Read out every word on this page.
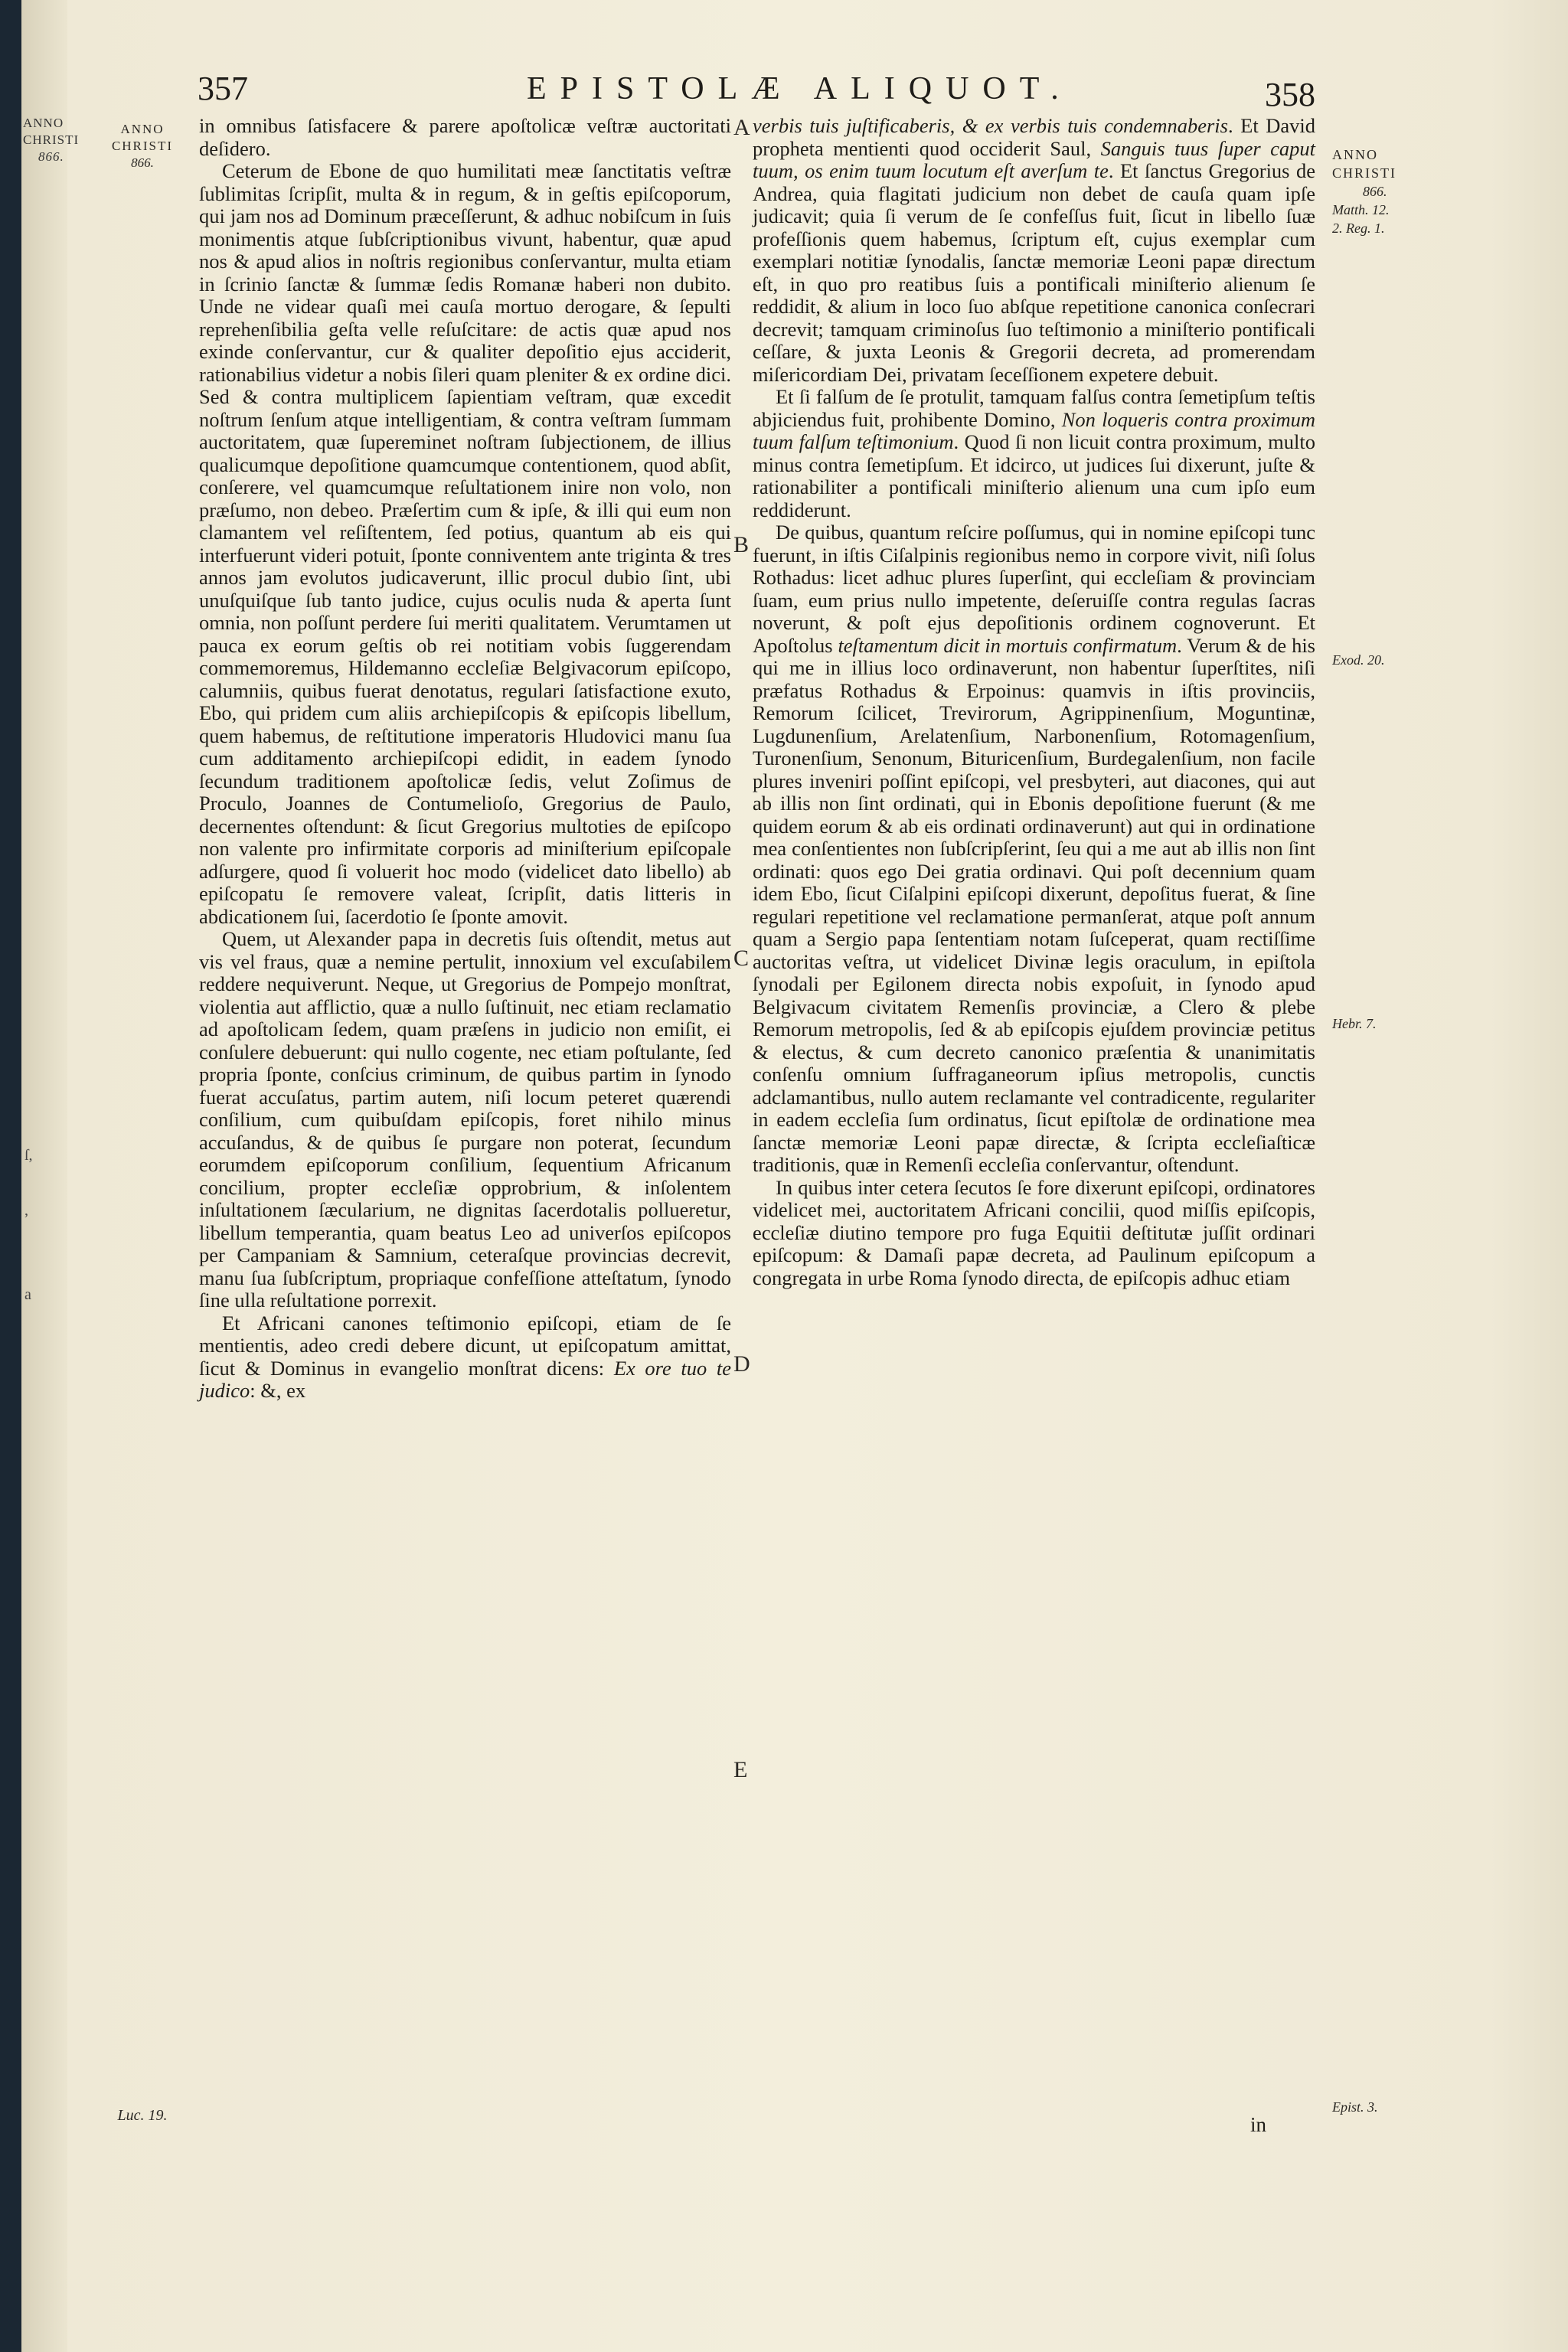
ANNO
CHRISTI
866.
ſ,
,
a
357	EPISTOLÆ ALIQUOT.	358
ANNO
CHRISTI
866.
Luc. 19.
ANNO
CHRISTI
866.
Matth. 12.
2. Reg. 1.
Exod. 20.
Hebr. 7.
Epist. 3.
A
B
C
D
E

in omnibus ſatisfacere & parere apoſtolicæ veſtræ auctoritati deſidero.

Ceterum de Ebone de quo humilitati meæ ſanctitatis veſtræ ſublimitas ſcripſit, multa & in regum, & in geſtis epiſcoporum, qui jam nos ad Dominum præceſſerunt, & adhuc nobiſcum in ſuis monimentis atque ſubſcriptionibus vivunt, habentur, quæ apud nos & apud alios in noſtris regionibus conſervantur, multa etiam in ſcrinio ſanctæ & ſummæ ſedis Romanæ haberi non dubito. Unde ne videar quaſi mei cauſa mortuo derogare, & ſepulti reprehenſibilia geſta velle reſuſcitare: de actis quæ apud nos exinde conſervantur, cur & qualiter depoſitio ejus acciderit, rationabilius videtur a nobis ſileri quam pleniter & ex ordine dici. Sed & contra multiplicem ſapientiam veſtram, quæ excedit noſtrum ſenſum atque intelligentiam, & contra veſtram ſummam auctoritatem, quæ ſupereminet noſtram ſubjectionem, de illius qualicumque depoſitione quamcumque contentionem, quod abſit, conſerere, vel quamcumque reſultationem inire non volo, non præſumo, non debeo. Præſertim cum & ipſe, & illi qui eum non clamantem vel reſiſtentem, ſed potius, quantum ab eis qui interfuerunt videri potuit, ſponte conniventem ante triginta & tres annos jam evolutos judicaverunt, illic procul dubio ſint, ubi unuſquiſque ſub tanto judice, cujus oculis nuda & aperta ſunt omnia, non poſſunt perdere ſui meriti qualitatem. Verumtamen ut pauca ex eorum geſtis ob rei notitiam vobis ſuggerendam commemoremus, Hildemanno eccleſiæ Belgivacorum epiſcopo, calumniis, quibus fuerat denotatus, regulari ſatisfactione exuto, Ebo, qui pridem cum aliis archiepiſcopis & epiſcopis libellum, quem habemus, de reſtitutione imperatoris Hludovici manu ſua cum additamento archiepiſcopi edidit, in eadem ſynodo ſecundum traditionem apoſtolicæ ſedis, velut Zoſimus de Proculo, Joannes de Contumelioſo, Gregorius de Paulo, decernentes oſtendunt: & ſicut Gregorius multoties de epiſcopo non valente pro infirmitate corporis ad miniſterium epiſcopale adſurgere, quod ſi voluerit hoc modo (videlicet dato libello) ab epiſcopatu ſe removere valeat, ſcripſit, datis litteris in abdicationem ſui, ſacerdotio ſe ſponte amovit.

Quem, ut Alexander papa in decretis ſuis oſtendit, metus aut vis vel fraus, quæ a nemine pertulit, innoxium vel excuſabilem reddere nequiverunt. Neque, ut Gregorius de Pompejo monſtrat, violentia aut afflictio, quæ a nullo ſuſtinuit, nec etiam reclamatio ad apoſtolicam ſedem, quam præſens in judicio non emiſit, ei conſulere debuerunt: qui nullo cogente, nec etiam poſtulante, ſed propria ſponte, conſcius criminum, de quibus partim in ſynodo fuerat accuſatus, partim autem, niſi locum peteret quærendi conſilium, cum quibuſdam epiſcopis, foret nihilo minus accuſandus, & de quibus ſe purgare non poterat, ſecundum eorumdem epiſcoporum conſilium, ſequentium Africanum concilium, propter eccleſiæ opprobrium, & inſolentem inſultationem ſæcularium, ne dignitas ſacerdotalis pollueretur, libellum temperantia, quam beatus Leo ad univerſos epiſcopos per Campaniam & Samnium, ceteraſque provincias decrevit, manu ſua ſubſcriptum, propriaque confeſſione atteſtatum, ſynodo ſine ulla reſultatione porrexit.

Et Africani canones teſtimonio epiſcopi, etiam de ſe mentientis, adeo credi debere dicunt, ut epiſcopatum amittat, ſicut & Dominus in evangelio monſtrat dicens: Ex ore tuo te judico: &, ex

verbis tuis juſtificaberis, & ex verbis tuis condemnaberis. Et David propheta mentienti quod occiderit Saul, Sanguis tuus ſuper caput tuum, os enim tuum locutum eſt averſum te. Et ſanctus Gregorius de Andrea, quia flagitati judicium non debet de cauſa quam ipſe judicavit; quia ſi verum de ſe confeſſus fuit, ſicut in libello ſuæ profeſſionis quem habemus, ſcriptum eſt, cujus exemplar cum exemplari notitiæ ſynodalis, ſanctæ memoriæ Leoni papæ directum eſt, in quo pro reatibus ſuis a pontificali miniſterio alienum ſe reddidit, & alium in loco ſuo abſque repetitione canonica conſecrari decrevit; tamquam criminoſus ſuo teſtimonio a miniſterio pontificali ceſſare, & juxta Leonis & Gregorii decreta, ad promerendam miſericordiam Dei, privatam ſeceſſionem expetere debuit.

Et ſi falſum de ſe protulit, tamquam falſus contra ſemetipſum teſtis abjiciendus fuit, prohibente Domino, Non loqueris contra proximum tuum falſum teſtimonium. Quod ſi non licuit contra proximum, multo minus contra ſemetipſum. Et idcirco, ut judices ſui dixerunt, juſte & rationabiliter a pontificali miniſterio alienum una cum ipſo eum reddiderunt.

De quibus, quantum reſcire poſſumus, qui in nomine epiſcopi tunc fuerunt, in iſtis Ciſalpinis regionibus nemo in corpore vivit, niſi ſolus Rothadus: licet adhuc plures ſuperſint, qui eccleſiam & provinciam ſuam, eum prius nullo impetente, deſeruiſſe contra regulas ſacras noverunt, & poſt ejus depoſitionis ordinem cognoverunt. Et Apoſtolus teſtamentum dicit in mortuis confirmatum. Verum & de his qui me in illius loco ordinaverunt, non habentur ſuperſtites, niſi præfatus Rothadus & Erpoinus: quamvis in iſtis provinciis, Remorum ſcilicet, Trevirorum, Agrippinenſium, Moguntinæ, Lugdunenſium, Arelatenſium, Narbonenſium, Rotomagenſium, Turonenſium, Senonum, Bituricenſium, Burdegalenſium, non facile plures inveniri poſſint epiſcopi, vel presbyteri, aut diacones, qui aut ab illis non ſint ordinati, qui in Ebonis depoſitione fuerunt (& me quidem eorum & ab eis ordinati ordinaverunt) aut qui in ordinatione mea conſentientes non ſubſcripſerint, ſeu qui a me aut ab illis non ſint ordinati: quos ego Dei gratia ordinavi. Qui poſt decennium quam idem Ebo, ſicut Ciſalpini epiſcopi dixerunt, depoſitus fuerat, & ſine regulari repetitione vel reclamatione permanſerat, atque poſt annum quam a Sergio papa ſententiam notam ſuſceperat, quam rectiſſime auctoritas veſtra, ut videlicet Divinæ legis oraculum, in epiſtola ſynodali per Egilonem directa nobis expoſuit, in ſynodo apud Belgivacum civitatem Remenſis provinciæ, a Clero & plebe Remorum metropolis, ſed & ab epiſcopis ejuſdem provinciæ petitus & electus, & cum decreto canonico præſentia & unanimitatis conſenſu omnium ſuffraganeorum ipſius metropolis, cunctis adclamantibus, nullo autem reclamante vel contradicente, regulariter in eadem eccleſia ſum ordinatus, ſicut epiſtolæ de ordinatione mea ſanctæ memoriæ Leoni papæ directæ, & ſcripta eccleſiaſticæ traditionis, quæ in Remenſi eccleſia conſervantur, oſtendunt.

In quibus inter cetera ſecutos ſe fore dixerunt epiſcopi, ordinatores videlicet mei, auctoritatem Africani concilii, quod miſſis epiſcopis, eccleſiæ diutino tempore pro fuga Equitii deſtitutæ juſſit ordinari epiſcopum: & Damaſi papæ decreta, ad Paulinum epiſcopum a congregata in urbe Roma ſynodo directa, de epiſcopis adhuc etiam

in
